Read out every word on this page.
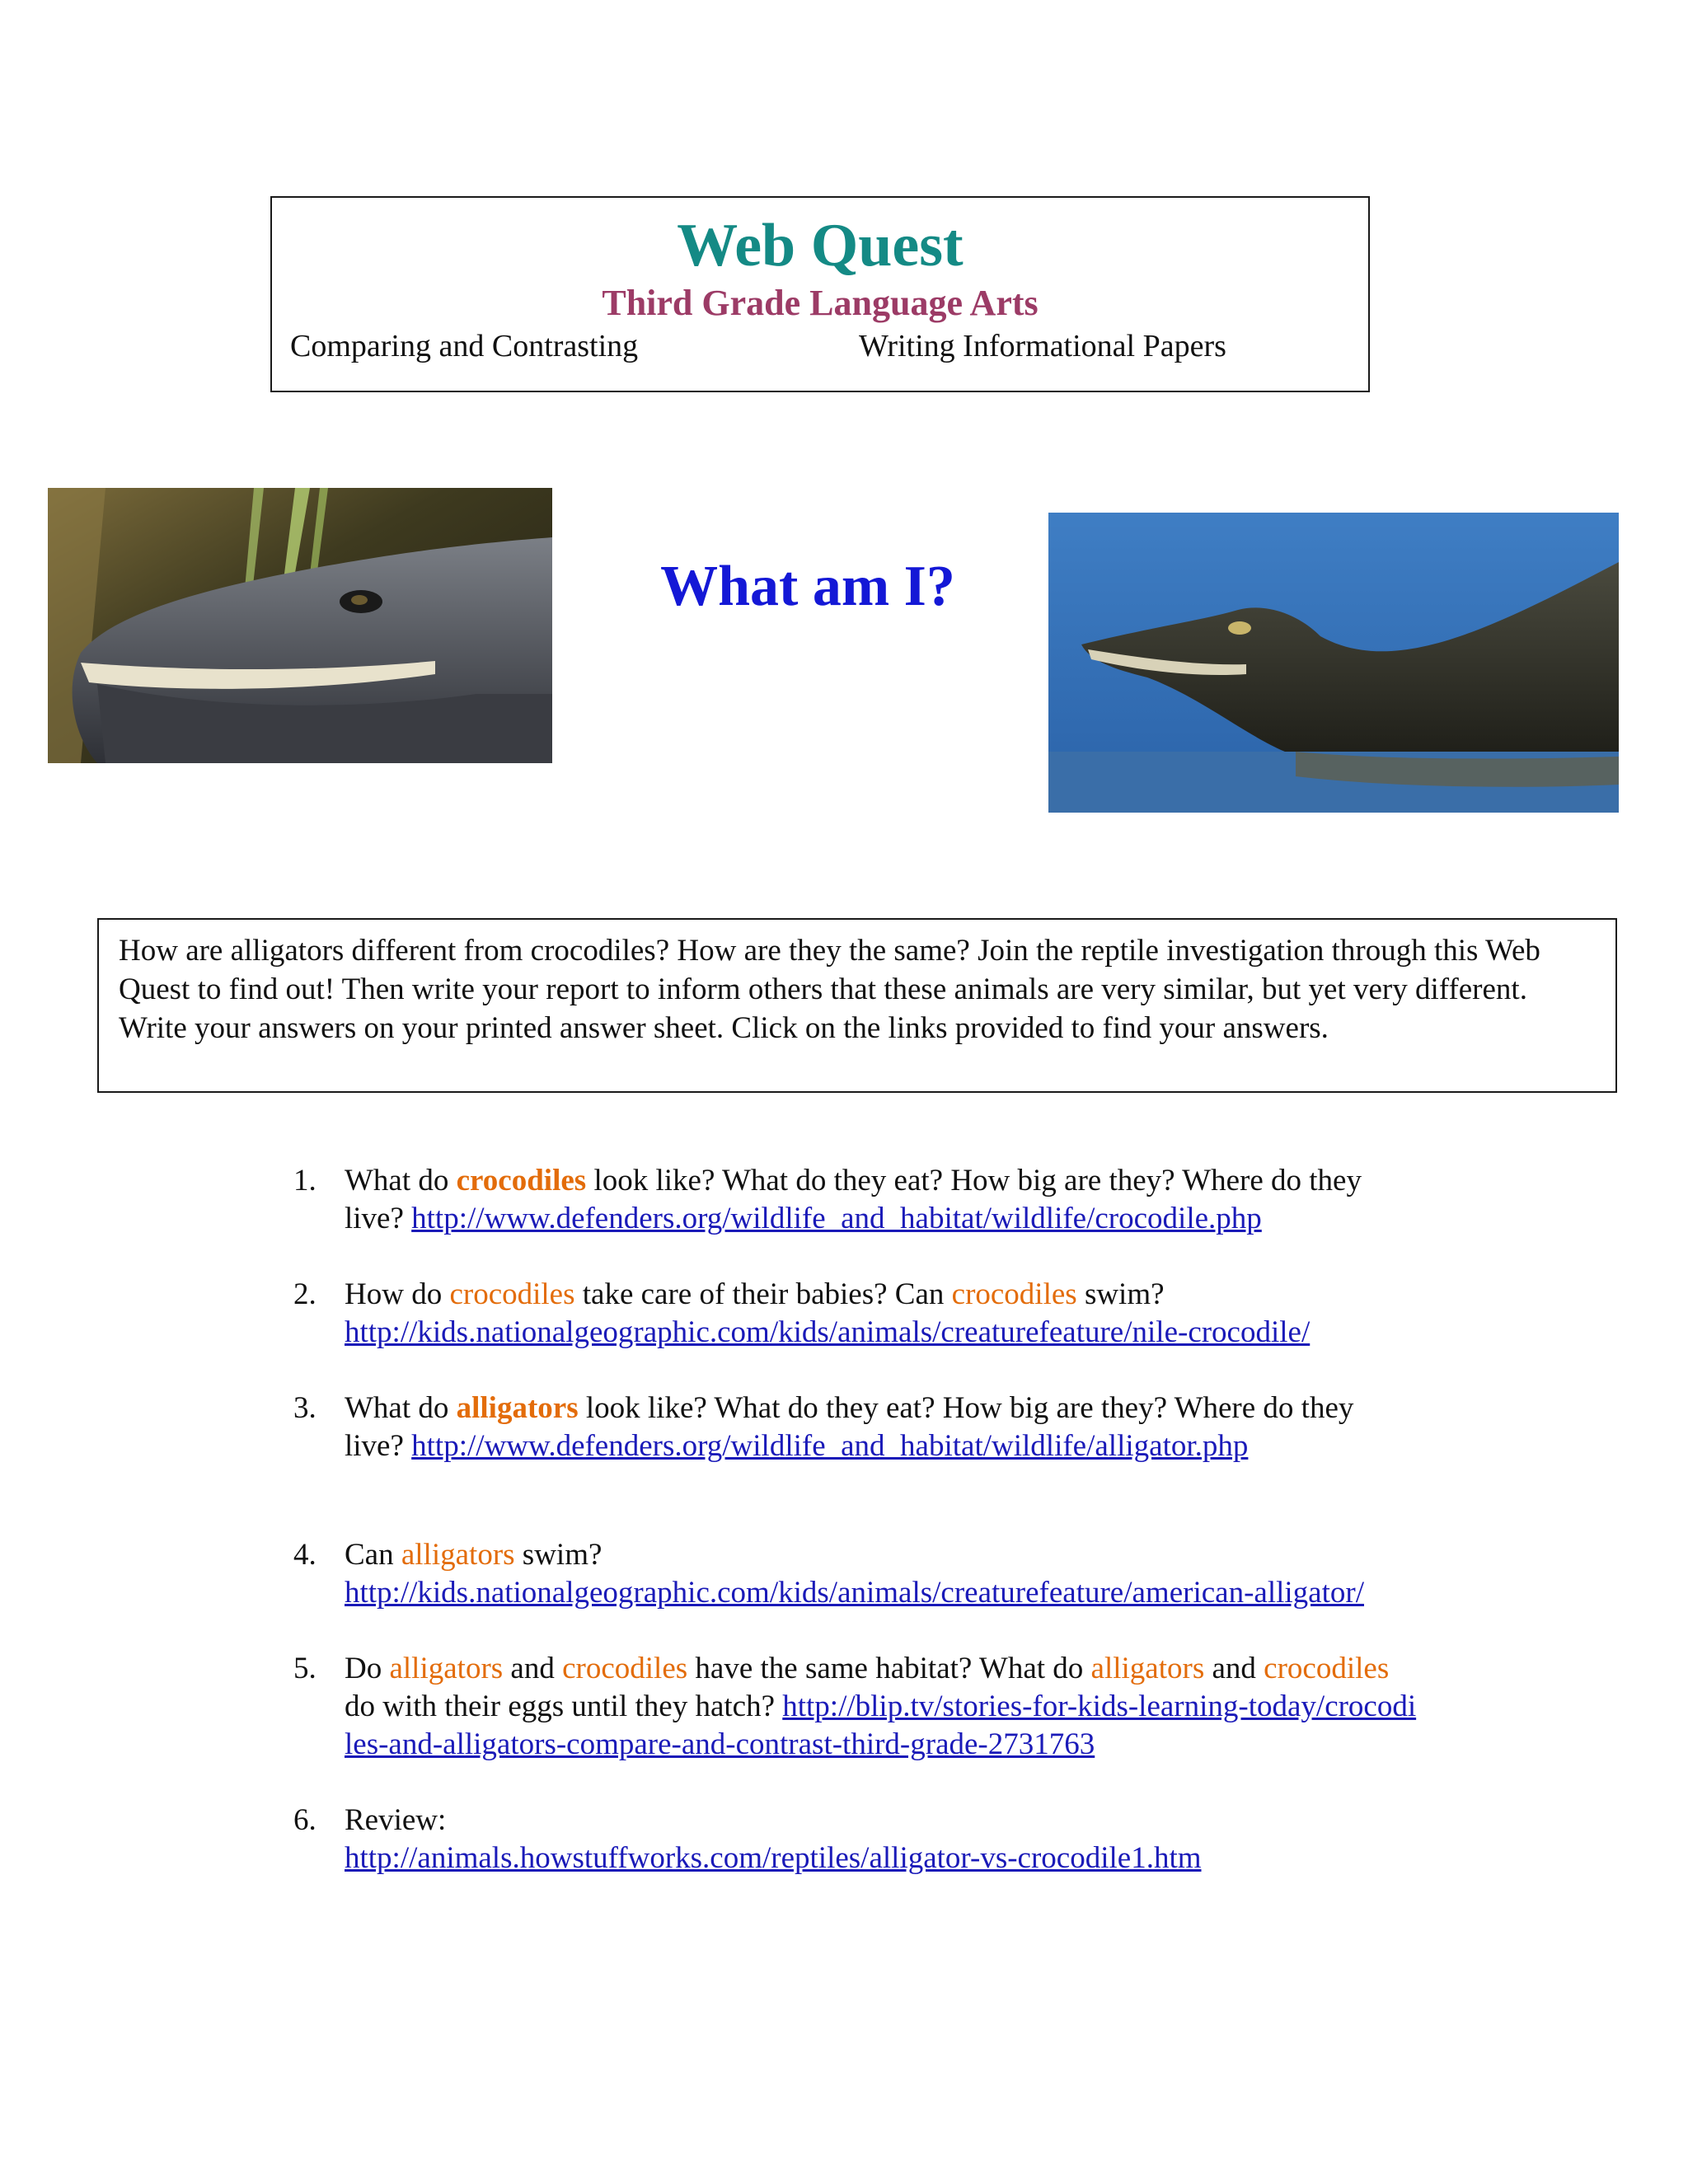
Web Quest
Third Grade Language Arts
Comparing and Contrasting	Writing Informational Papers
What am I?
How are alligators different from crocodiles? How are they the same? Join the reptile investigation through this Web Quest to find out! Then write your report to inform others that these animals are very similar, but yet very different. Write your answers on your printed answer sheet. Click on the links provided to find your answers.
1. What do crocodiles look like? What do they eat? How big are they? Where do they live? http://www.defenders.org/wildlife_and_habitat/wildlife/crocodile.php
2. How do crocodiles take care of their babies? Can crocodiles swim?
http://kids.nationalgeographic.com/kids/animals/creaturefeature/nile-crocodile/
3. What do alligators look like? What do they eat? How big are they? Where do they live? http://www.defenders.org/wildlife_and_habitat/wildlife/alligator.php
4. Can alligators swim?
http://kids.nationalgeographic.com/kids/animals/creaturefeature/american-alligator/
5. Do alligators and crocodiles have the same habitat? What do alligators and crocodiles do with their eggs until they hatch? http://blip.tv/stories-for-kids-learning-today/crocodiles-and-alligators-compare-and-contrast-third-grade-2731763
6. Review:
http://animals.howstuffworks.com/reptiles/alligator-vs-crocodile1.htm
